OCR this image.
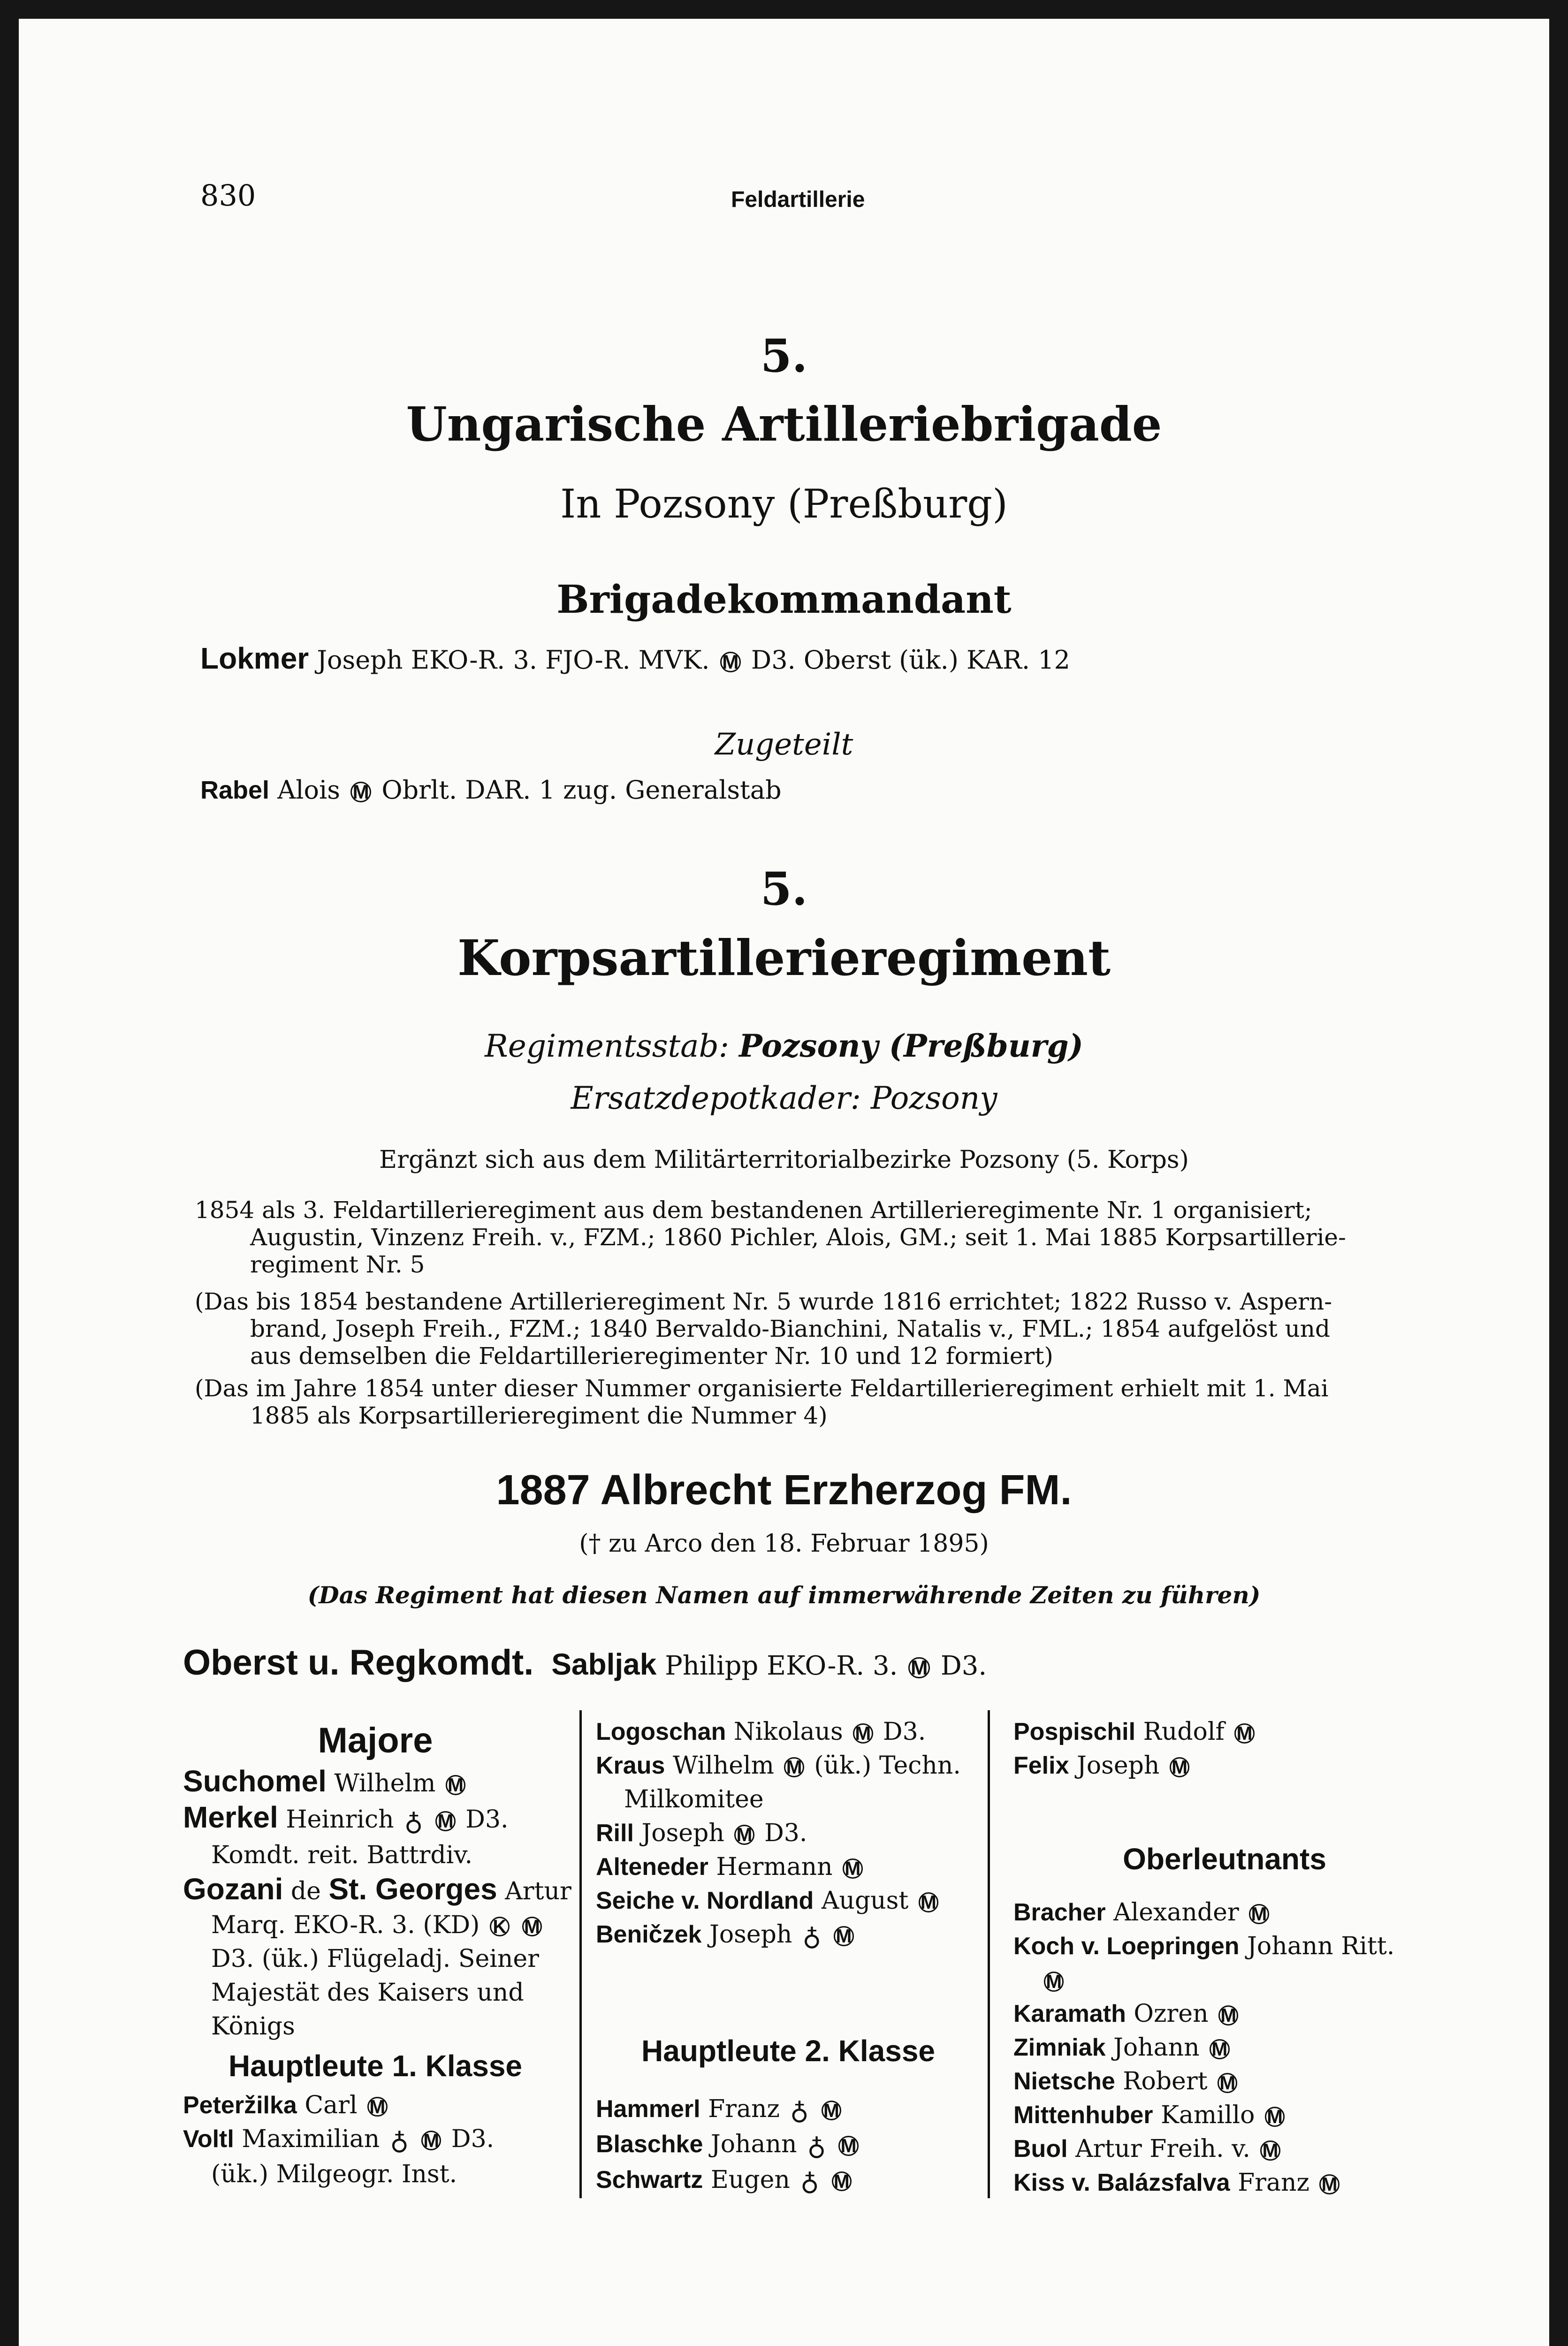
830	Feldartillerie
5.
Ungarische Artilleriebrigade
In Pozsony (Preßburg)
Brigadekommandant
Lokmer Joseph EKO-R. 3. FJO-R. MVK. M D3. Oberst (ük.) KAR. 12
Zugeteilt
Rabel Alois M Obrlt. DAR. 1 zug. Generalstab
5.
Korpsartillerieregiment
Regimentsstab: Pozsony (Preßburg)
Ersatzdepotkader: Pozsony
Ergänzt sich aus dem Militärterritorialbezirke Pozsony (5. Korps)
1854 als 3. Feldartillerieregiment aus dem bestandenen Artillerieregimente Nr. 1 organisiert;
Augustin, Vinzenz Freih. v., FZM.; 1860 Pichler, Alois, GM.; seit 1. Mai 1885 Korpsartillerie-
regiment Nr. 5
(Das bis 1854 bestandene Artillerieregiment Nr. 5 wurde 1816 errichtet; 1822 Russo v. Aspern-
brand, Joseph Freih., FZM.; 1840 Bervaldo-Bianchini, Natalis v., FML.; 1854 aufgelöst und
aus demselben die Feldartillerieregimenter Nr. 10 und 12 formiert)
(Das im Jahre 1854 unter dieser Nummer organisierte Feldartillerieregiment erhielt mit 1. Mai
1885 als Korpsartillerieregiment die Nummer 4)
1887 Albrecht Erzherzog FM.
(† zu Arco den 18. Februar 1895)
(Das Regiment hat diesen Namen auf immerwährende Zeiten zu führen)
Oberst u. Regkomdt. Sabljak Philipp EKO-R. 3. M D3.
Majore
Suchomel Wilhelm M
Merkel Heinrich ♁ M D3.
Komdt. reit. Battrdiv.
Gozani de St. Georges Artur
Marq. EKO-R. 3. (KD) K M
D3. (ük.) Flügeladj. Seiner
Majestät des Kaisers und
Königs
Hauptleute 1. Klasse
Peteržilka Carl M
Voltl Maximilian ♁ M D3.
(ük.) Milgeogr. Inst.
Logoschan Nikolaus M D3.
Kraus Wilhelm M (ük.) Techn.
Milkomitee
Rill Joseph M D3.
Alteneder Hermann M
Seiche v. Nordland August M
Beničzek Joseph ♁ M
Hauptleute 2. Klasse
Hammerl Franz ♁ M
Blaschke Johann ♁ M
Schwartz Eugen ♁ M
Pospischil Rudolf M
Felix Joseph M
Oberleutnants
Bracher Alexander M
Koch v. Loepringen Johann Ritt.
M
Karamath Ozren M
Zimniak Johann M
Nietsche Robert M
Mittenhuber Kamillo M
Buol Artur Freih. v. M
Kiss v. Balázsfalva Franz M
